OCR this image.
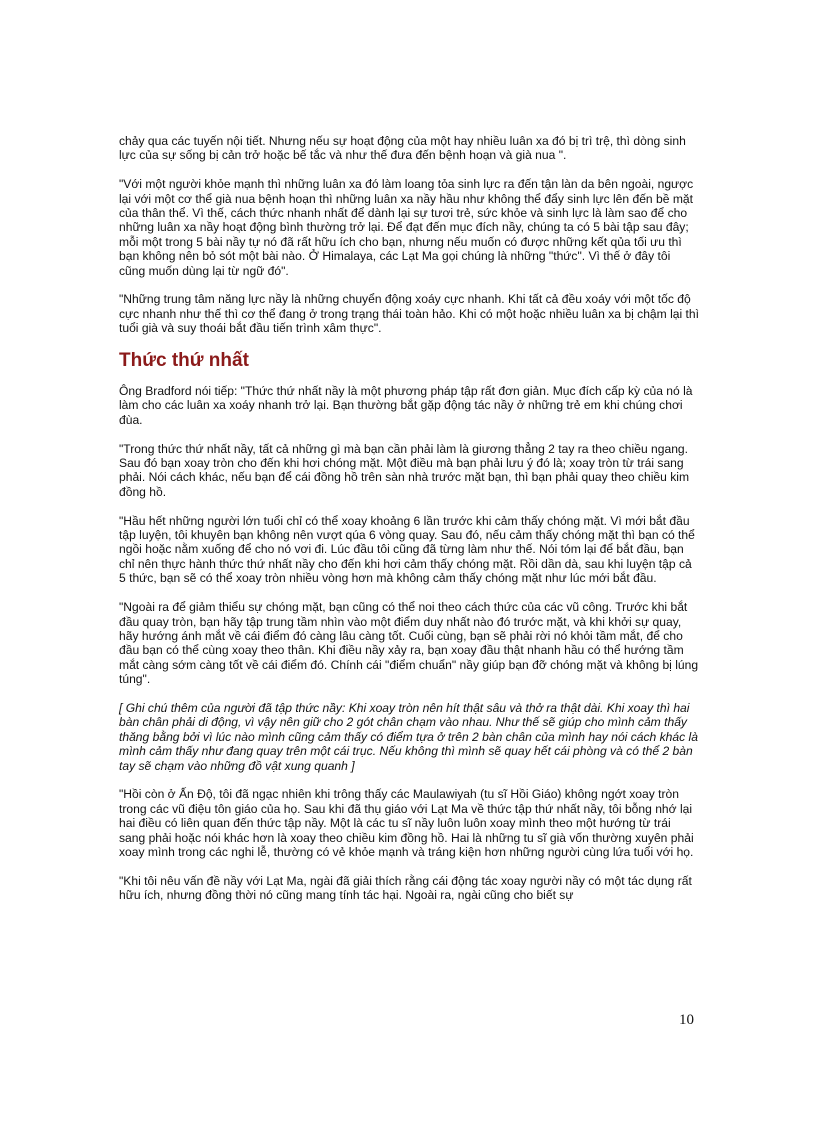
chảy qua các tuyến nội tiết. Nhưng nếu sự hoạt động của một hay nhiều luân xa đó bị trì trệ, thì dòng sinh lực của sự sống bị cản trở hoặc bế tắc và như thế đưa đến bệnh hoạn và già nua ".

"Với một người khỏe mạnh thì những luân xa đó làm loang tỏa sinh lực ra đến tận làn da bên ngoài, ngược lại với một cơ thể già nua bệnh hoạn thì những luân xa nầy hầu như không thể đẩy sinh lực lên đến bề mặt của thân thể. Vì thế, cách thức nhanh nhất để dành lại sự tươi trẻ, sức khỏe và sinh lực là làm sao để cho những luân xa nầy hoạt động bình thường trở lại. Để đạt đến mục đích nầy, chúng ta có 5 bài tập sau đây; mỗi một trong 5 bài nầy tự nó đã rất hữu ích cho bạn, nhưng nếu muốn có được những kết qủa tối ưu thì bạn không nên bỏ sót một bài nào. Ở Himalaya, các Lạt Ma gọi chúng là những "thức". Vì thế ở đây tôi cũng muốn dùng lại từ ngữ đó".

"Những trung tâm năng lực nầy là những chuyển động xoáy cực nhanh. Khi tất cả đều xoáy với một tốc độ cực nhanh như thế thì cơ thể đang ở trong trạng thái toàn hảo. Khi có một hoặc nhiều luân xa bị chậm lại thì tuổi già và suy thoái bắt đầu tiến trình xâm thực".

Thức thứ nhất

Ông Bradford nói tiếp: "Thức thứ nhất nầy là một phương pháp tập rất đơn giản. Mục đích cấp kỳ của nó là làm cho các luân xa xoáy nhanh trở lại. Bạn thường bắt gặp động tác nầy ở những trẻ em khi chúng chơi đùa.

"Trong thức thứ nhất nầy, tất cả những gì mà bạn cần phải làm là giương thẳng 2 tay ra theo chiều ngang. Sau đó bạn xoay tròn cho đến khi hơi chóng mặt. Một điều mà bạn phải lưu ý đó là; xoay tròn từ trái sang phải. Nói cách khác, nếu bạn để cái đồng hồ trên sàn nhà trước mặt bạn, thì bạn phải quay theo chiều kim đồng hồ.

"Hầu hết những người lớn tuổi chỉ có thể xoay khoảng 6 lần trước khi cảm thấy chóng mặt. Vì mới bắt đầu tập luyện, tôi khuyên bạn không nên vượt qúa 6 vòng quay. Sau đó, nếu cảm thấy chóng mặt thì bạn có thể ngồi hoặc nằm xuống để cho nó vơi đi. Lúc đầu tôi cũng đã từng làm như thế. Nói tóm lại để bắt đầu, bạn chỉ nên thực hành thức thứ nhất nầy cho đến khi hơi cảm thấy chóng mặt. Rồi dần dà, sau khi luyện tập cả 5 thức, bạn sẽ có thể xoay tròn nhiều vòng hơn mà không cảm thấy chóng mặt như lúc mới bắt đầu.

"Ngoài ra để giảm thiểu sự chóng mặt, bạn cũng có thể noi theo cách thức của các vũ công. Trước khi bắt đầu quay tròn, bạn hãy tập trung tầm nhìn vào một điểm duy nhất nào đó trước mặt, và khi khởi sự quay, hãy hướng ánh mắt về cái điểm đó càng lâu càng tốt. Cuối cùng, bạn sẽ phải rời nó khỏi tầm mắt, để cho đầu bạn có thể cùng xoay theo thân. Khi điều nầy xảy ra, bạn xoay đầu thật nhanh hầu có thể hướng tầm mắt càng sớm càng tốt về cái điểm đó. Chính cái "điểm chuẩn" nầy giúp bạn đỡ chóng mặt và không bị lúng túng".

[ Ghi chú thêm của người đã tập thức nầy: Khi xoay tròn nên hít thật sâu và thở ra thật dài. Khi xoay thì hai bàn chân phải di động, vì vậy nên giữ cho 2 gót chân chạm vào nhau. Như thế sẽ giúp cho mình cảm thấy thăng bằng bởi vì lúc nào mình cũng cảm thấy có điểm tựa ở trên 2 bàn chân của mình hay nói cách khác là mình cảm thấy như đang quay trên một cái trục. Nếu không thì mình sẽ quay hết cái phòng và có thể 2 bàn tay sẽ chạm vào những đồ vật xung quanh ]

"Hồi còn ở Ấn Độ, tôi đã ngạc nhiên khi trông thấy các Maulawiyah (tu sĩ Hồi Giáo) không ngớt xoay tròn trong các vũ điệu tôn giáo của họ. Sau khi đã thụ giáo với Lạt Ma về thức tập thứ nhất nầy, tôi bỗng nhớ lại hai điều có liên quan đến thức tập nầy. Một là các tu sĩ nầy luôn luôn xoay mình theo một hướng từ trái sang phải hoặc nói khác hơn là xoay theo chiều kim đồng hồ. Hai là những tu sĩ già vốn thường xuyên phải xoay mình trong các nghi lễ, thường có vẻ khỏe mạnh và tráng kiện hơn những người cùng lứa tuổi với họ.

"Khi tôi nêu vấn đề nầy với Lạt Ma, ngài đã giải thích rằng cái động tác xoay người nầy có một tác dụng rất hữu ích, nhưng đồng thời nó cũng mang tính tác hại. Ngoài ra, ngài cũng cho biết sự

10
